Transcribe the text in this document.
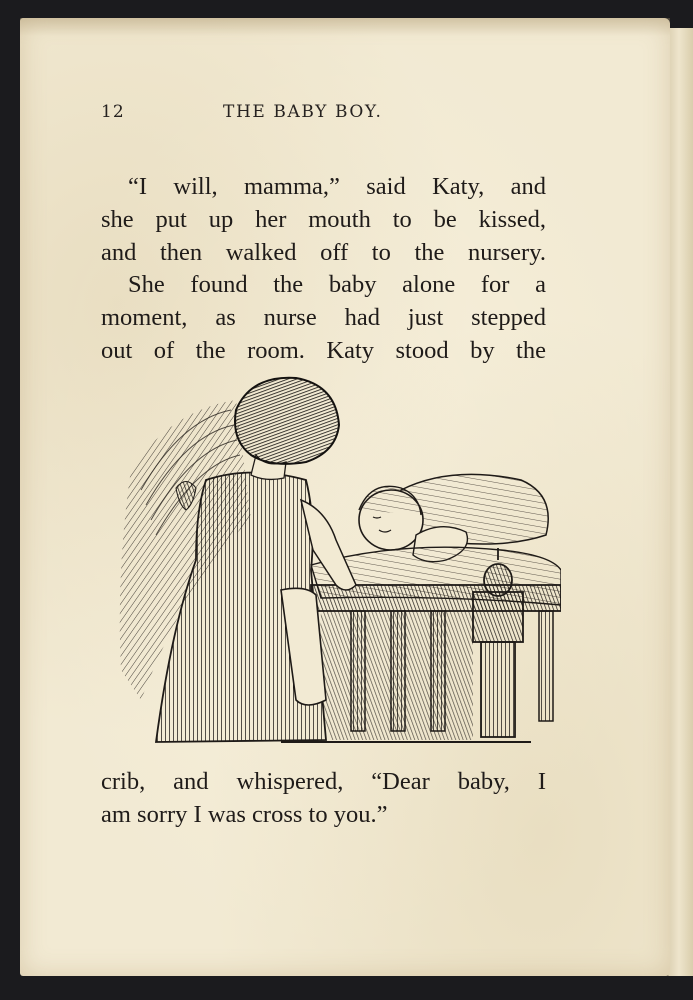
12	THE BABY BOY.
“I will, mamma,” said Katy, and
she put up her mouth to be kissed,
and then walked off to the nursery.
She found the baby alone for a
moment, as nurse had just stepped
out of the room. Katy stood by the
crib, and whispered, “Dear baby, I
am sorry I was cross to you.”
